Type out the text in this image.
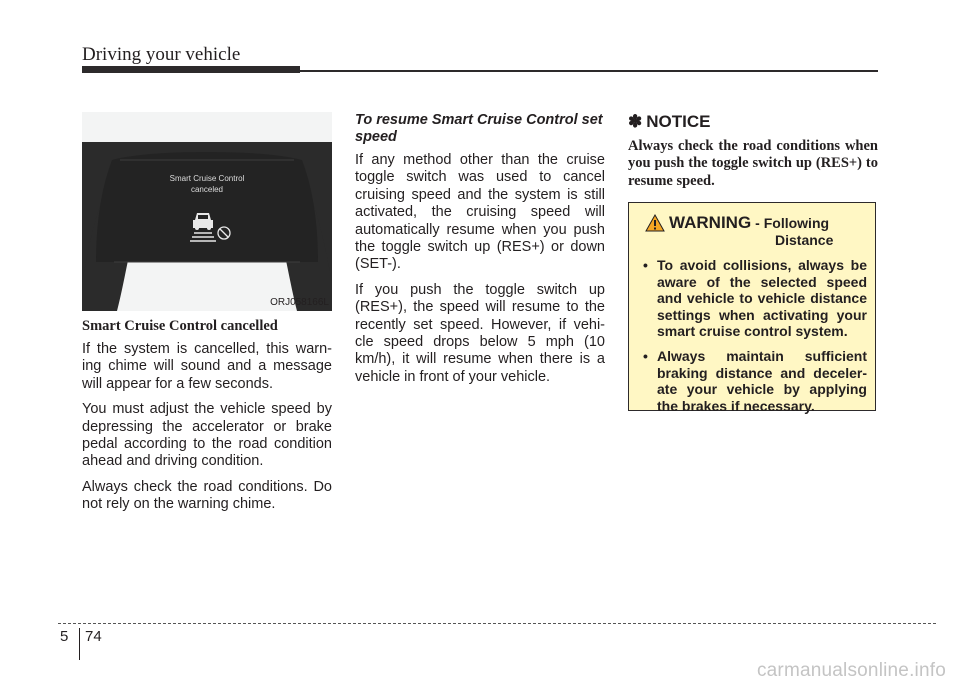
Driving your vehicle
Smart Cruise Control
canceled
ORJ058166L
Smart Cruise Control cancelled

If the system is cancelled, this warn-ing chime will sound and a message will appear for a few seconds.

You must adjust the vehicle speed by depressing the accelerator or brake pedal according to the road condition ahead and driving condition.

Always check the road conditions. Do not rely on the warning chime.

To resume Smart Cruise Control set speed

If any method other than the cruise toggle switch was used to cancel cruising speed and the system is still activated, the cruising speed will automatically resume when you push the toggle switch up (RES+) or down (SET-).

If you push the toggle switch up (RES+), the speed will resume to the recently set speed. However, if vehi-cle speed drops below 5 mph (10 km/h), it will resume when there is a vehicle in front of your vehicle.

✽ NOTICE

Always check the road conditions when you push the toggle switch up (RES+) to resume speed.

WARNING - Following
Distance
• To avoid collisions, always be aware of the selected speed and vehicle to vehicle distance settings when activating your smart cruise control system.
• Always maintain sufficient braking distance and deceler-ate your vehicle by applying the brakes if necessary.
5 74
carmanualsonline.info
